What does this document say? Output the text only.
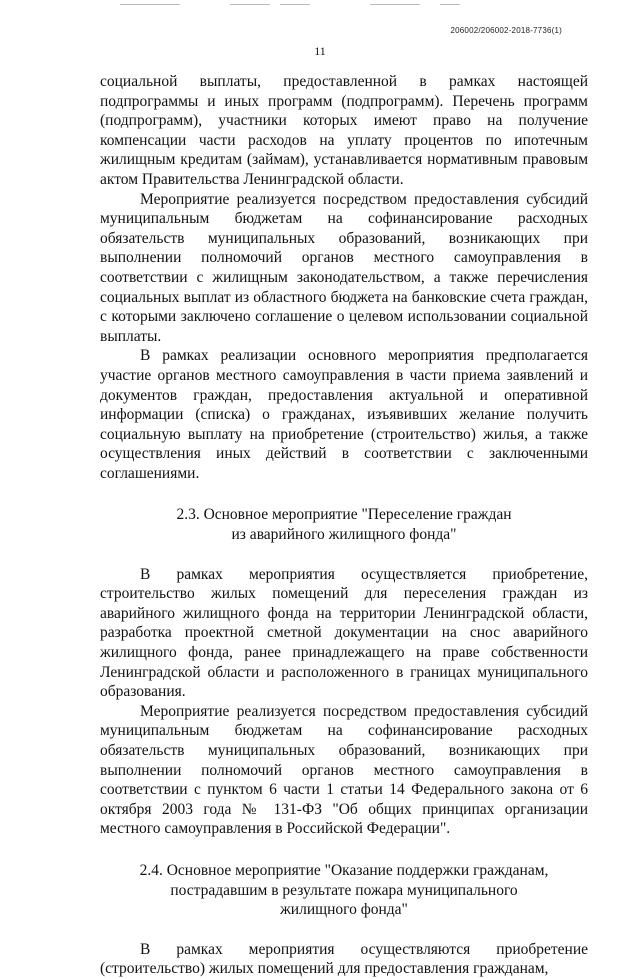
206002/206002-2018-7736(1)
11

социальной выплаты, предоставленной в рамках настоящей подпрограммы и иных программ (подпрограмм). Перечень программ (подпрограмм), участники которых имеют право на получение компенсации части расходов на уплату процентов по ипотечным жилищным кредитам (займам), устанавливается нормативным правовым актом Правительства Ленинградской области.

Мероприятие реализуется посредством предоставления субсидий муниципальным бюджетам на софинансирование расходных обязательств муниципальных образований, возникающих при выполнении полномочий органов местного самоуправления в соответствии с жилищным законодательством, а также перечисления социальных выплат из областного бюджета на банковские счета граждан, с которыми заключено соглашение о целевом использовании социальной выплаты.

В рамках реализации основного мероприятия предполагается участие органов местного самоуправления в части приема заявлений и документов граждан, предоставления актуальной и оперативной информации (списка) о гражданах, изъявивших желание получить социальную выплату на приобретение (строительство) жилья, а также осуществления иных действий в соответствии с заключенными соглашениями.

2.3. Основное мероприятие "Переселение граждан
из аварийного жилищного фонда"

В рамках мероприятия осуществляется приобретение, строительство жилых помещений для переселения граждан из аварийного жилищного фонда на территории Ленинградской области, разработка проектной сметной документации на снос аварийного жилищного фонда, ранее принадлежащего на праве собственности Ленинградской области и расположенного в границах муниципального образования.

Мероприятие реализуется посредством предоставления субсидий муниципальным бюджетам на софинансирование расходных обязательств муниципальных образований, возникающих при выполнении полномочий органов местного самоуправления в соответствии с пунктом 6 части 1 статьи 14 Федерального закона от 6 октября 2003 года № 131-ФЗ "Об общих принципах организации местного самоуправления в Российской Федерации".

2.4. Основное мероприятие "Оказание поддержки гражданам,
пострадавшим в результате пожара муниципального
жилищного фонда"

В рамках мероприятия осуществляются приобретение (строительство) жилых помещений для предоставления гражданам,
